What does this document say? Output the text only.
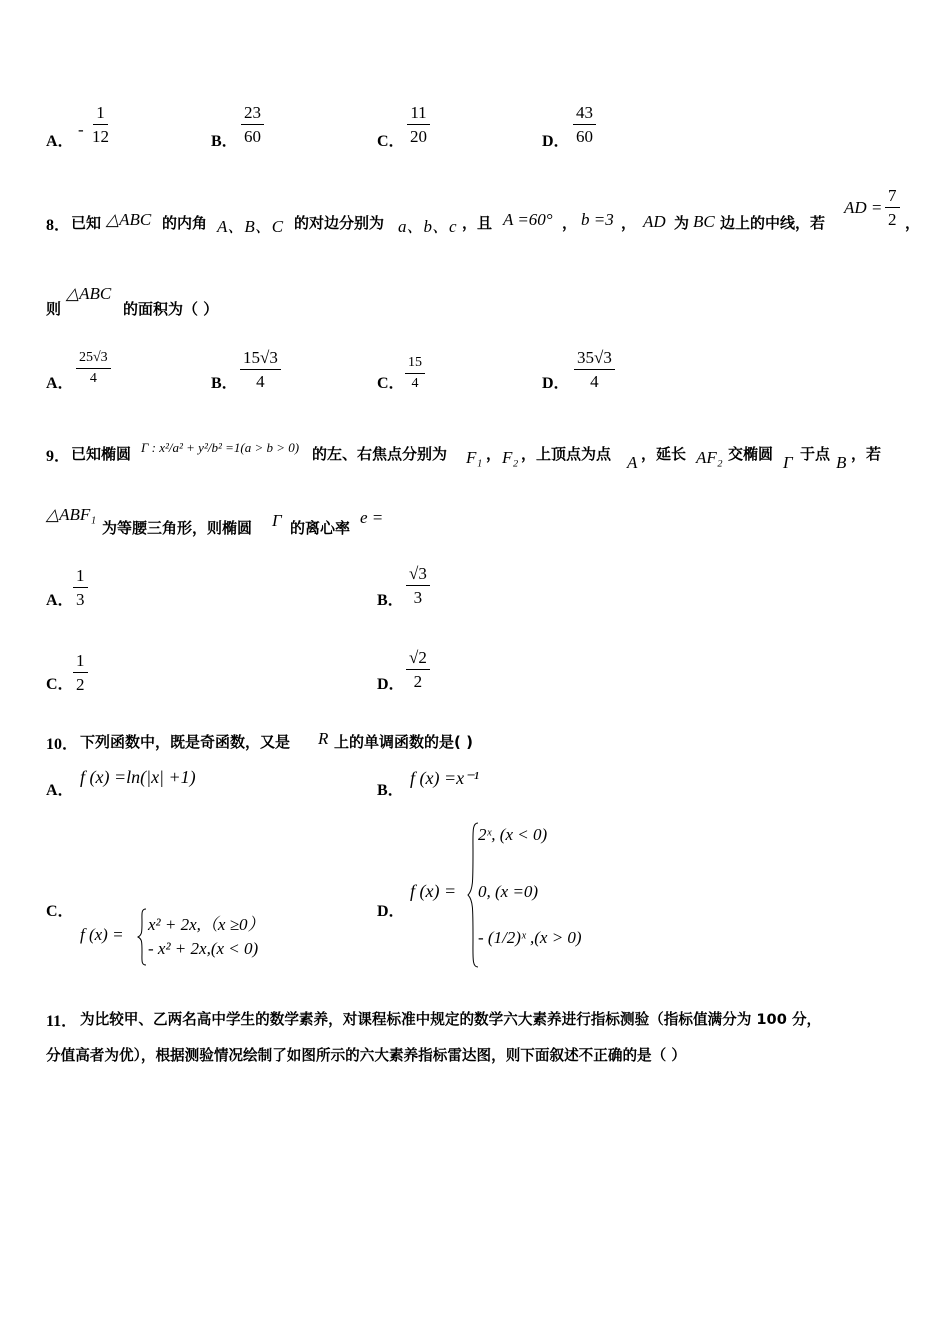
A．
- $\frac{1}{12}$	B． $\frac{23}{60}$	C． $\frac{11}{20}$	D． $\frac{43}{60}$
8． 已知 △ABC 的内角 A、B、C 的对边分别为 a、b、c ，且 A =60° ， b =3 ， AD 为 BC 边上的中线，若
AD = $\frac{7}{2}$ ，
则
△ABC
的面积为（ ）
A． $\frac{25√3}{4}$	B． $\frac{15√3}{4}$	C． $\frac{15}{4}$	D． $\frac{35√3}{4}$
9． 已知椭圆 Γ : x²/a² + y²/b² =1(a > b > 0) 的左、右焦点分别为 F₁ ， F₂ ，上顶点为点 A ，延长 AF₂ 交椭圆 Γ 于点 B ，若
△ABF₁
为等腰三角形，则椭圆 Γ 的离心率
e =
A． $\frac{1}{3}$	B． $\frac{√3}{3}$
C． $\frac{1}{2}$	D． $\frac{√2}{2}$
10． 下列函数中，既是奇函数，又是 R 上的单调函数的是( )
A．
f (x) =ln(|x| +1)
B．
f (x) =x⁻¹
C．
f (x) =
x² + 2x,（x ≥0）
- x² + 2x,(x < 0)
D．
f (x) =
2ˣ, (x < 0)
0, (x =0)
- (1/2)ˣ ,(x > 0)
11． 为比较甲、乙两名高中学生的数学素养，对课程标准中规定的数学六大素养进行指标测验（指标值满分为 100 分，
分值高者为优），根据测验情况绘制了如图所示的六大素养指标雷达图，则下面叙述不正确的是（ ）
